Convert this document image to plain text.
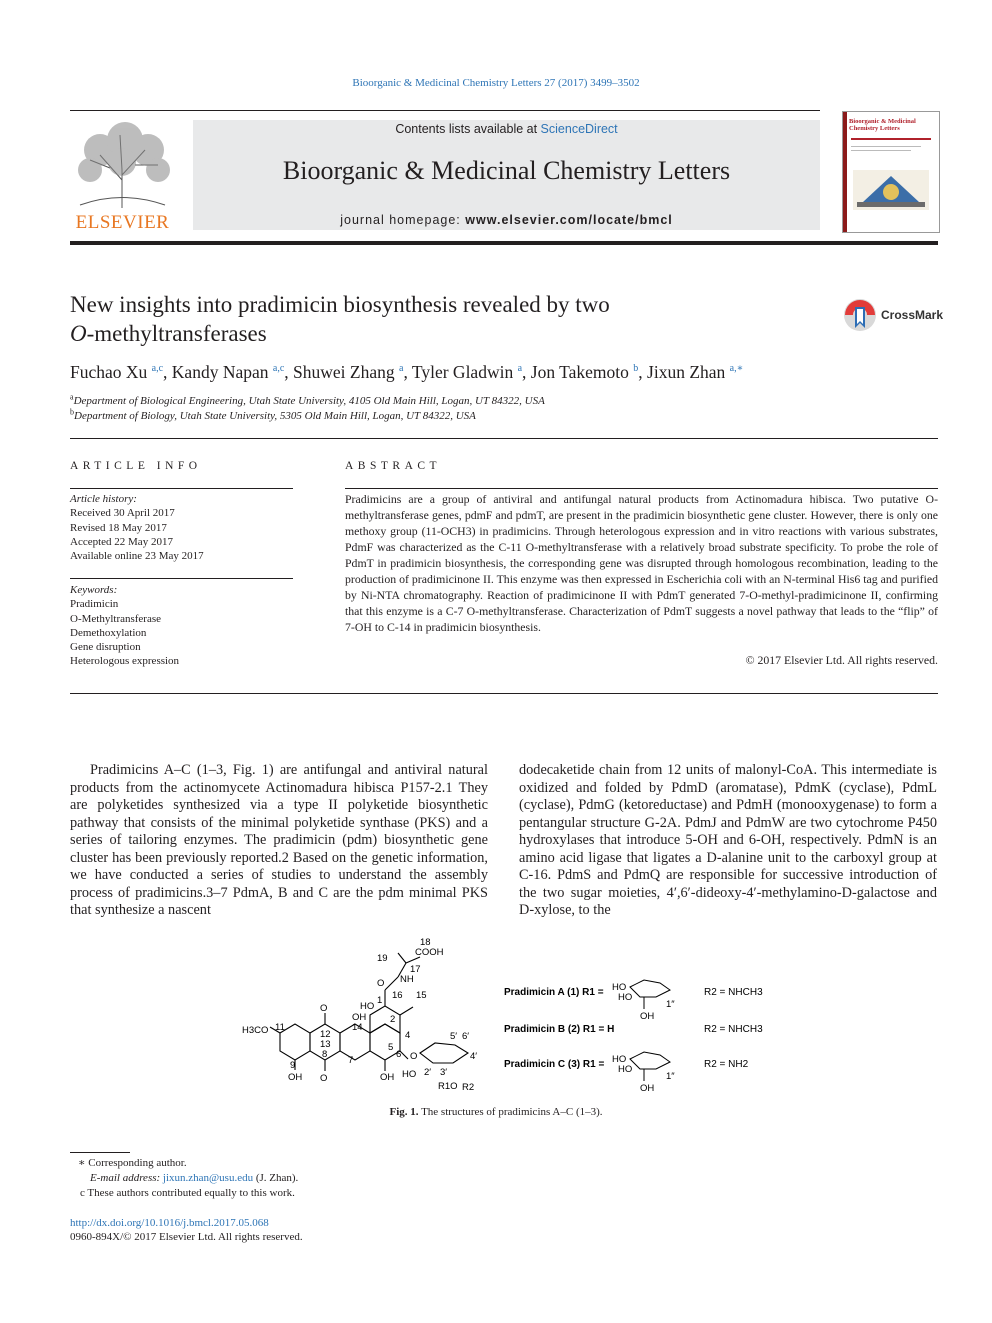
Bioorganic & Medicinal Chemistry Letters 27 (2017) 3499–3502
ELSEVIER
Contents lists available at ScienceDirect
Bioorganic & Medicinal Chemistry Letters
journal homepage: www.elsevier.com/locate/bmcl
Bioorganic & Medicinal Chemistry Letters
New insights into pradimicin biosynthesis revealed by two
O-methyltransferases
CrossMark
Fuchao Xu $^{a,c}$, Kandy Napan $^{a,c}$, Shuwei Zhang $^a$, Tyler Gladwin $^a$, Jon Takemoto $^b$, Jixun Zhan $^{a,∗}$
$^a$Department of Biological Engineering, Utah State University, 4105 Old Main Hill, Logan, UT 84322, USA
$^b$Department of Biology, Utah State University, 5305 Old Main Hill, Logan, UT 84322, USA
ARTICLE INFO
Article history:
Received 30 April 2017
Revised 18 May 2017
Accepted 22 May 2017
Available online 23 May 2017
Keywords:
Pradimicin
O-Methyltransferase
Demethoxylation
Gene disruption
Heterologous expression
ABSTRACT
Pradimicins are a group of antiviral and antifungal natural products from Actinomadura hibisca. Two putative O-methyltransferase genes, pdmF and pdmT, are present in the pradimicin biosynthetic gene cluster. However, there is only one methoxy group (11-OCH3) in pradimicins. Through heterologous expression and in vitro reactions with various substrates, PdmF was characterized as the C-11 O-methyltransferase with a relatively broad substrate specificity. To probe the role of PdmT in pradimicin biosynthesis, the corresponding gene was disrupted through homologous recombination, leading to the production of pradimicinone II. This enzyme was then expressed in Escherichia coli with an N-terminal His6 tag and purified by Ni-NTA chromatography. Reaction of pradimicinone II with PdmT generated 7-O-methyl-pradimicinone II, confirming that this enzyme is a C-7 O-methyltransferase. Characterization of PdmT suggests a novel pathway that leads to the “flip” of 7-OH to C-14 in pradimicin biosynthesis.
© 2017 Elsevier Ltd. All rights reserved.

Pradimicins A–C (1–3, Fig. 1) are antifungal and antiviral natural products from the actinomycete Actinomadura hibisca P157-2.1 They are polyketides synthesized via a type II polyketide biosynthetic pathway that consists of the minimal polyketide synthase (PKS) and a series of tailoring enzymes. The pradimicin (pdm) biosynthetic gene cluster has been previously reported.2 Based on the genetic information, we have conducted a series of studies to understand the assembly process of pradimicins.3–7 PdmA, B and C are the pdm minimal PKS that synthesize a nascent

dodecaketide chain from 12 units of malonyl-CoA. This intermediate is oxidized and folded by PdmD (aromatase), PdmK (cyclase), PdmL (cyclase), PdmG (ketoreductase) and PdmH (monooxygenase) to form a pentangular structure G-2A. PdmJ and PdmW are two cytochrome P450 hydroxylases that introduce 5-OH and 6-OH, respectively. PdmN is an amino acid ligase that ligates a D-alanine unit to the carboxyl group at C-16. PdmS and PdmQ are responsible for successive introduction of the two sugar moieties, 4′,6′-dideoxy-4′-methylamino-D-galactose and D-xylose, to the

H3CO 11
O
O
OH
9
12
13
8
OH
14
7
OH
HO
1
2
4
6
5
O
O
16
NH
17
COOH
18
19
15
HO 2′ 3′
4′
6′
5′
R1O R2
Pradimicin A (1) R1 =
Pradimicin B (2) R1 = H
Pradimicin C (3) R1 =
R2 = NHCH3
R2 = NHCH3
R2 = NH2
HO
HO
OH
1″
HO
HO
OH
1″
Fig. 1. The structures of pradimicins A–C (1–3).
∗ Corresponding author.
E-mail address: jixun.zhan@usu.edu (J. Zhan).
c These authors contributed equally to this work.
http://dx.doi.org/10.1016/j.bmcl.2017.05.068
0960-894X/© 2017 Elsevier Ltd. All rights reserved.
